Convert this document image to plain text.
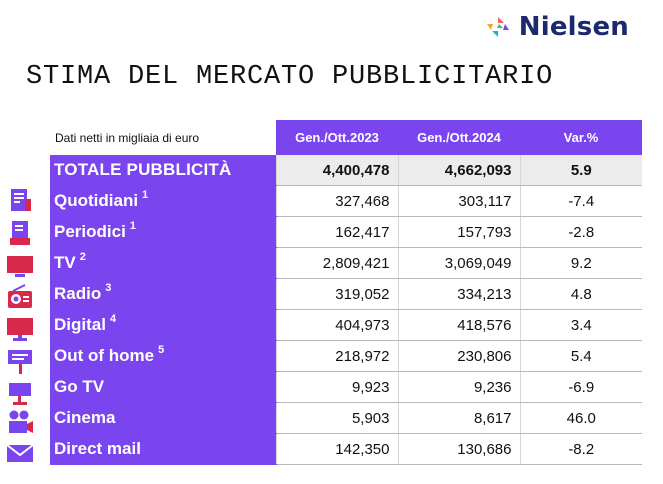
Nielsen
STIMA DEL MERCATO PUBBLICITARIO
	Gen./Ott.2023	Gen./Ott.2024	Var.%
TOTALE PUBBLICITÀ	4,400,478	4,662,093	5.9
Quotidiani $^1$	327,468	303,117	-7.4
Periodici $^1$	162,417	157,793	-2.8
TV $^2$	2,809,421	3,069,049	9.2
Radio $^3$	319,052	334,213	4.8
Digital $^4$	404,973	418,576	3.4
Out of home $^5$	218,972	230,806	5.4
Go TV	9,923	9,236	-6.9
Cinema	5,903	8,617	46.0
Direct mail	142,350	130,686	-8.2
Dati netti in migliaia di euro
